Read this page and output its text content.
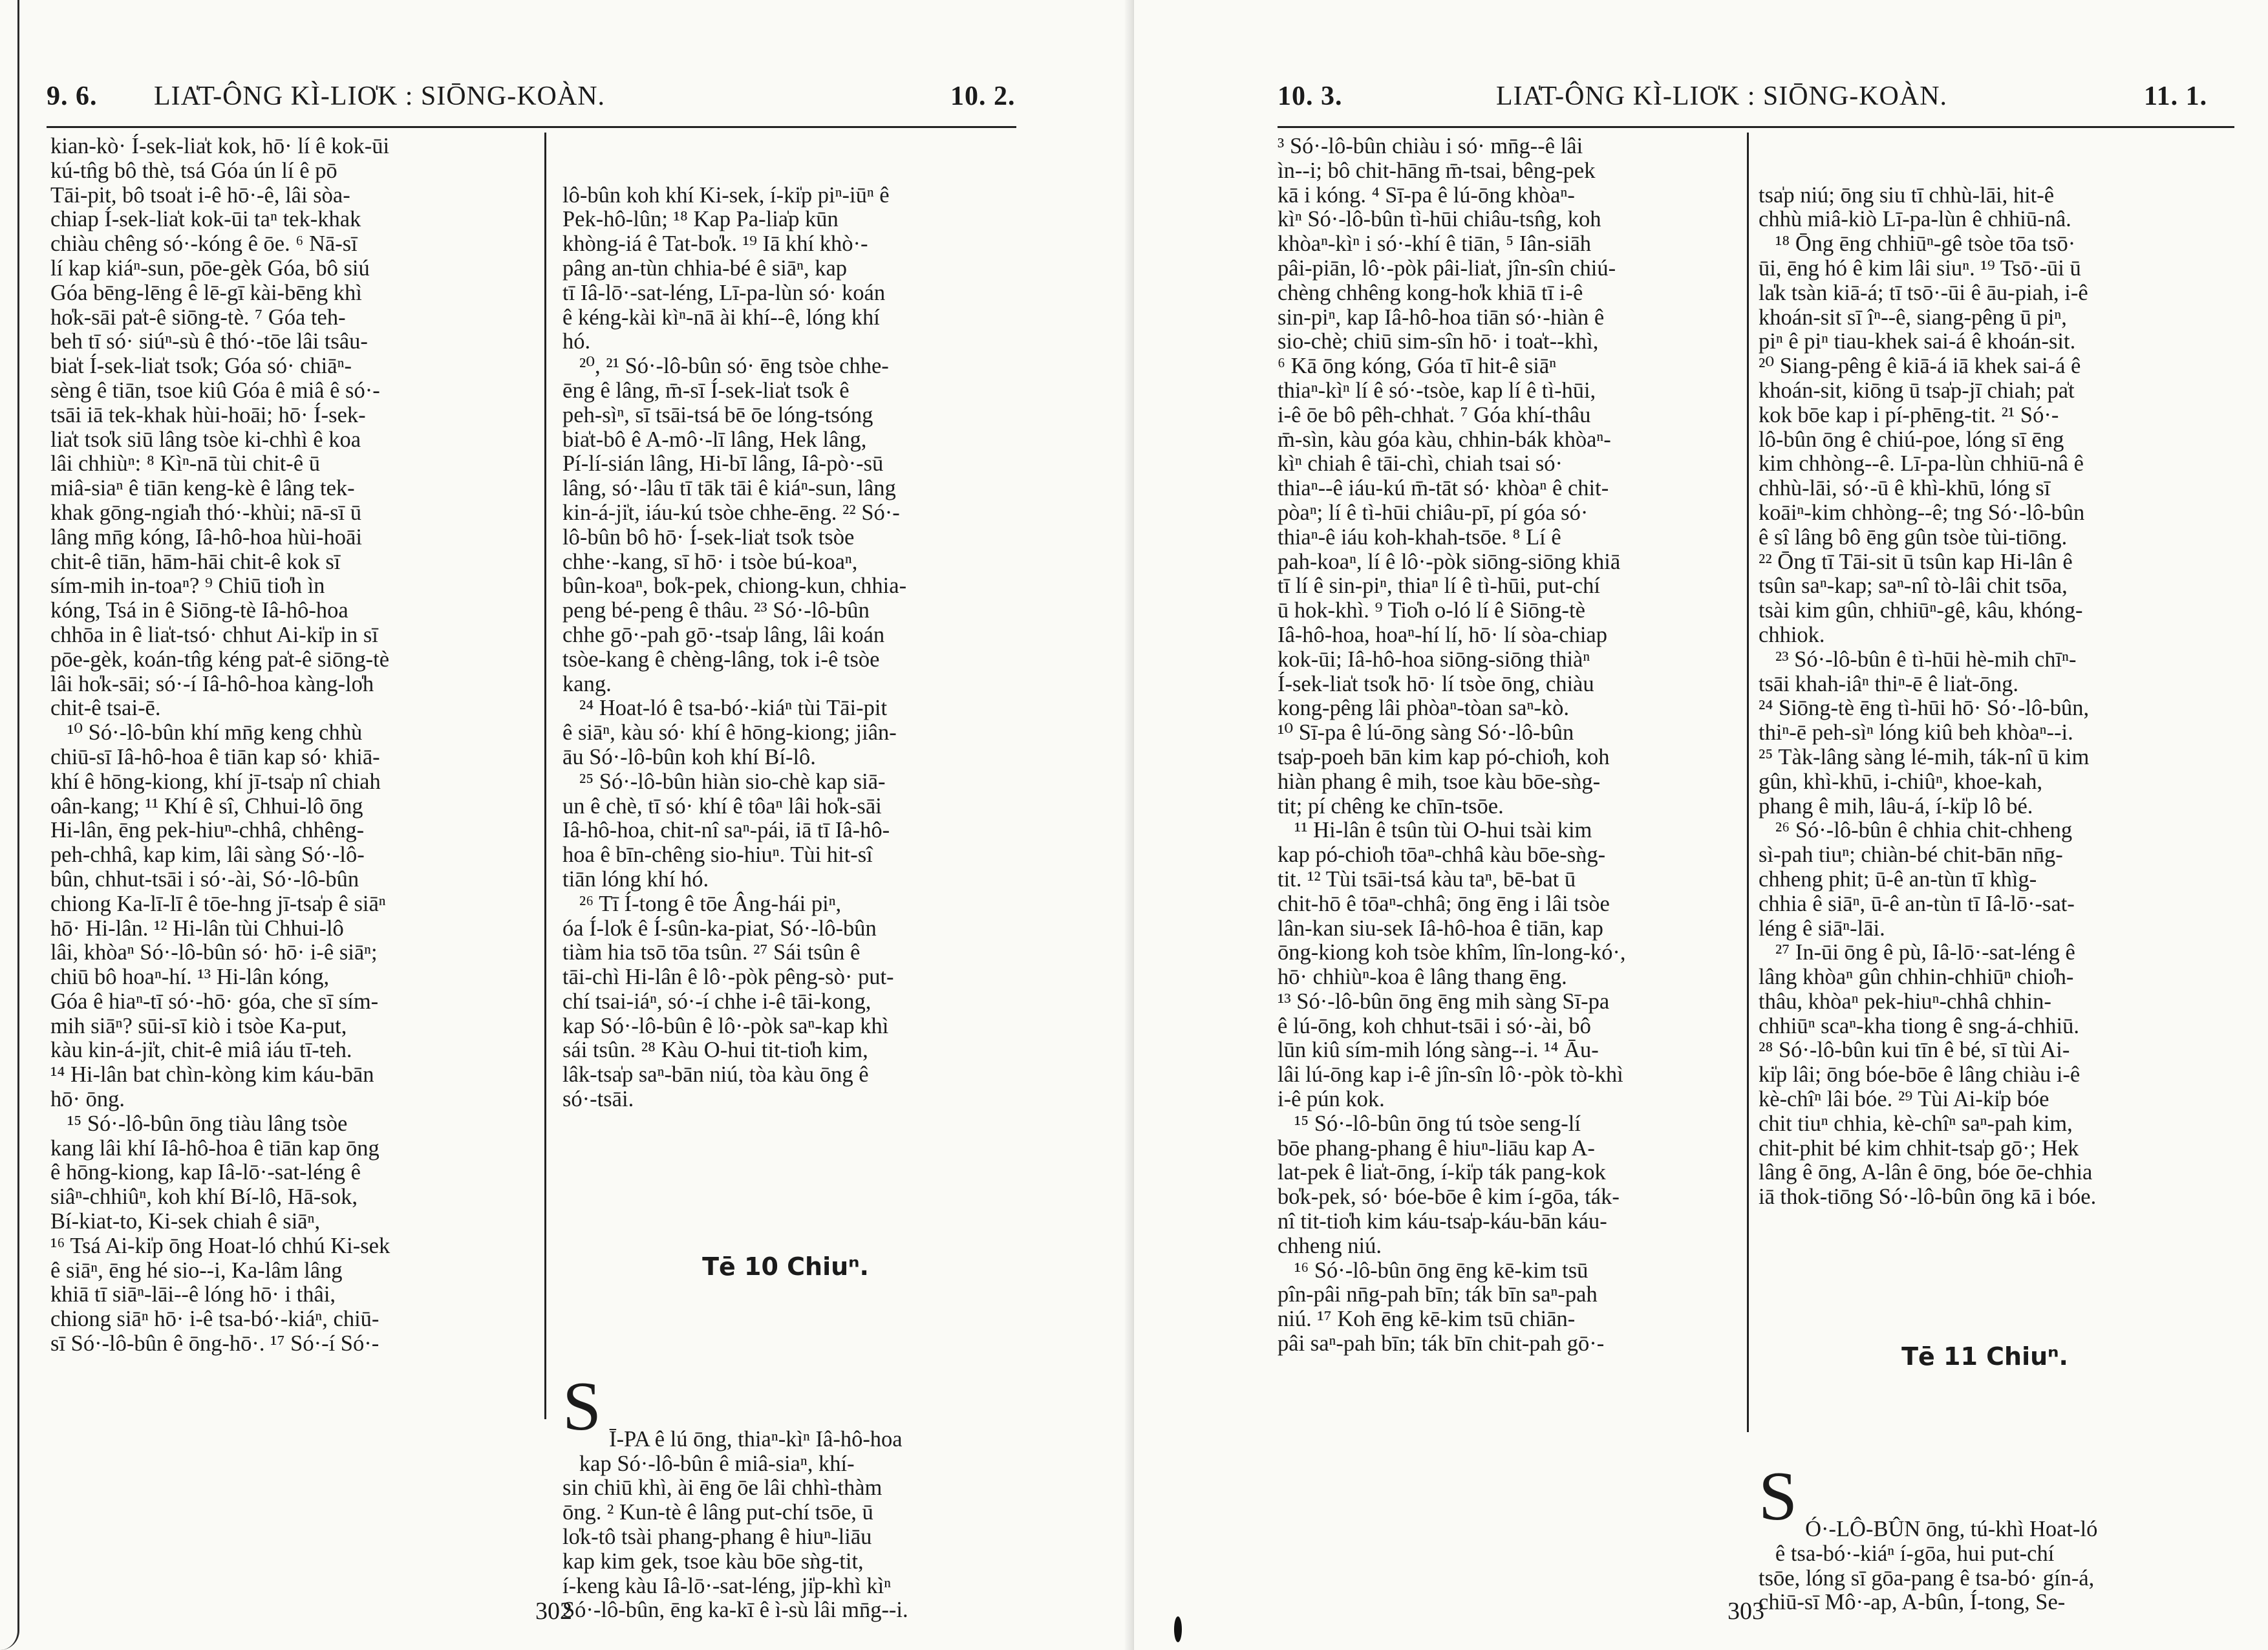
9. 6. LIA̍T-ÔNG KÌ-LIO̍K : SIŌNG-KOÀN.	10. 2.
kian-kò· Í-sek-lia̍t kok, hō· lí ê kok-ūi
kú-tn̂g bô thè, tsá Góa ún lí ê pō
Tāi-pit, bô tsoa̍t i-ê hō·-ê, lâi sòa-
chiap Í-sek-lia̍t kok-ūi taⁿ tek-khak
chiàu chêng só·-kóng ê ōe. ⁶ Nā-sī
lí kap kiáⁿ-sun, pōe-gèk Góa, bô siú
Góa bēng-lēng ê lē-gī kài-bēng khì
ho̍k-sāi pa̍t-ê siōng-tè. ⁷ Góa teh-
beh tī só· siúⁿ-sù ê thó·-tōe lâi tsâu-
bia̍t Í-sek-lia̍t tso̍k; Góa só· chiāⁿ-
sèng ê tiān, tsoe kiû Góa ê miâ ê só·-
tsāi iā tek-khak hùi-hoāi; hō· Í-sek-
lia̍t tso̍k siū lâng tsòe ki-chhì ê koa
lâi chhiùⁿ: ⁸ Kìⁿ-nā tùi chit-ê ū
miâ-siaⁿ ê tiān keng-kè ê lâng tek-
khak gōng-ngia̍h thó·-khùi; nā-sī ū
lâng mn̄g kóng, Iâ-hô-hoa hùi-hoāi
chit-ê tiān, hām-hāi chit-ê kok sī
sím-mih in-toaⁿ? ⁹ Chiū tio̍h ìn
kóng, Tsá in ê Siōng-tè Iâ-hô-hoa
chhōa in ê lia̍t-tsó· chhut Ai-ki̍p in sī
pōe-gèk, koán-tn̂g kéng pa̍t-ê siōng-tè
lâi ho̍k-sāi; só·-í Iâ-hô-hoa kàng-lo̍h
chit-ê tsai-ē.
¹⁰ Só·-lô-bûn khí mn̄g keng chhù
chiū-sī Iâ-hô-hoa ê tiān kap só· khiā-
khí ê hōng-kiong, khí jī-tsa̍p nî chiah
oân-kang; ¹¹ Khí ê sî, Chhui-lô ōng
Hi-lân, ēng pek-hiuⁿ-chhâ, chhêng-
peh-chhâ, kap kim, lâi sàng Só·-lô-
bûn, chhut-tsāi i só·-ài, Só·-lô-bûn
chiong Ka-lī-lī ê tōe-hng jī-tsa̍p ê siāⁿ
hō· Hi-lân. ¹² Hi-lân tùi Chhui-lô
lâi, khòaⁿ Só·-lô-bûn só· hō· i-ê siāⁿ;
chiū bô hoaⁿ-hí. ¹³ Hi-lân kóng,
Góa ê hiaⁿ-tī só·-hō· góa, che sī sím-
mih siāⁿ? sūi-sī kiò i tsòe Ka-put,
kàu kin-á-ji̍t, chit-ê miâ iáu tī-teh.
¹⁴ Hi-lân bat chìn-kòng kim káu-bān
hō· ōng.
¹⁵ Só·-lô-bûn ōng tiàu lâng tsòe
kang lâi khí Iâ-hô-hoa ê tiān kap ōng
ê hōng-kiong, kap Iâ-lō·-sat-léng ê
siâⁿ-chhiûⁿ, koh khí Bí-lô, Hā-sok,
Bí-kiat-to, Ki-sek chiah ê siāⁿ,
¹⁶ Tsá Ai-ki̍p ōng Hoat-ló chhú Ki-sek
ê siāⁿ, ēng hé sio--i, Ka-lâm lâng
khiā tī siāⁿ-lāi--ê lóng hō· i thâi,
chiong siāⁿ hō· i-ê tsa-bó·-kiáⁿ, chiū-
sī Só·-lô-bûn ê ōng-hō·. ¹⁷ Só·-í Só·-

lô-bûn koh khí Ki-sek, í-ki̍p piⁿ-iūⁿ ê
Pek-hô-lûn; ¹⁸ Kap Pa-lia̍p kūn
khòng-iá ê Tat-bo̍k. ¹⁹ Iā khí khò·-
pâng an-tùn chhia-bé ê siāⁿ, kap
tī Iâ-lō·-sat-léng, Lī-pa-lùn só· koán
ê kéng-kài kìⁿ-nā ài khí--ê, lóng khí
hó.
²⁰, ²¹ Só·-lô-bûn só· ēng tsòe chhe-
ēng ê lâng, m̄-sī Í-sek-lia̍t tso̍k ê
peh-sìⁿ, sī tsāi-tsá bē ōe lóng-tsóng
bia̍t-bô ê A-mô·-lī lâng, Hek lâng,
Pí-lí-sián lâng, Hi-bī lâng, Iâ-pò·-sū
lâng, só·-lâu tī tāk tāi ê kiáⁿ-sun, lâng
kin-á-ji̍t, iáu-kú tsòe chhe-ēng. ²² Só·-
lô-bûn bô hō· Í-sek-lia̍t tso̍k tsòe
chhe·-kang, sī hō· i tsòe bú-koaⁿ,
bûn-koaⁿ, bo̍k-pek, chiong-kun, chhia-
peng bé-peng ê thâu. ²³ Só·-lô-bûn
chhe gō·-pah gō·-tsa̍p lâng, lâi koán
tsòe-kang ê chèng-lâng, tok i-ê tsòe
kang.
²⁴ Hoat-ló ê tsa-bó·-kiáⁿ tùi Tāi-pit
ê siāⁿ, kàu só· khí ê hōng-kiong; jiân-
āu Só·-lô-bûn koh khí Bí-lô.
²⁵ Só·-lô-bûn hiàn sio-chè kap siā-
un ê chè, tī só· khí ê tôaⁿ lâi ho̍k-sāi
Iâ-hô-hoa, chit-nî saⁿ-pái, iā tī Iâ-hô-
hoa ê bīn-chêng sio-hiuⁿ. Tùi hit-sî
tiān lóng khí hó.
²⁶ Tī Í-tong ê tōe Âng-hái piⁿ,
óa Í-lo̍k ê Í-sûn-ka-piat, Só·-lô-bûn
tiàm hia tsō tōa tsûn. ²⁷ Sái tsûn ê
tāi-chì Hi-lân ê lô·-pòk pêng-sò· put-
chí tsai-iáⁿ, só·-í chhe i-ê tāi-kong,
kap Só·-lô-bûn ê lô·-pòk saⁿ-kap khì
sái tsûn. ²⁸ Kàu O-hui tit-tio̍h kim,
lâk-tsa̍p saⁿ-bān niú, tòa kàu ōng ê
só·-tsāi.

Tē 10 Chiuⁿ.

S

Ī-PA ê lú ōng, thiaⁿ-kìⁿ Iâ-hô-hoa
kap Só·-lô-bûn ê miâ-siaⁿ, khí-
sin chiū khì, ài ēng ōe lâi chhì-thàm
ōng. ² Kun-tè ê lâng put-chí tsōe, ū
lo̍k-tô tsài phang-phang ê hiuⁿ-liāu
kap kim gek, tsoe kàu bōe sǹg-tit,
í-keng kàu Iâ-lō·-sat-léng, ji̍p-khì kìⁿ
Só·-lô-bûn, ēng ka-kī ê ì-sù lâi mn̄g--i.

302
10. 3.	LIA̍T-ÔNG KÌ-LIO̍K : SIŌNG-KOÀN.	11. 1.
³ Só·-lô-bûn chiàu i só· mn̄g--ê lâi
ìn--i; bô chit-hāng m̄-tsai, bêng-pek
kā i kóng. ⁴ Sī-pa ê lú-ōng khòaⁿ-
kìⁿ Só·-lô-bûn tì-hūi chiâu-tsn̂g, koh
khòaⁿ-kìⁿ i só·-khí ê tiān, ⁵ Iân-siāh
pâi-piān, lô·-pòk pâi-lia̍t, jîn-sîn chiú-
chèng chhêng kong-ho̍k khiā tī i-ê
sin-piⁿ, kap Iâ-hô-hoa tiān só·-hiàn ê
sio-chè; chiū sim-sîn hō· i toa̍t--khì,
⁶ Kā ōng kóng, Góa tī hit-ê siāⁿ
thiaⁿ-kìⁿ lí ê só·-tsòe, kap lí ê tì-hūi,
i-ê ōe bô pêh-chha̍t. ⁷ Góa khí-thâu
m̄-sìn, kàu góa kàu, chhin-bák khòaⁿ-
kìⁿ chiah ê tāi-chì, chiah tsai só·
thiaⁿ--ê iáu-kú m̄-tāt só· khòaⁿ ê chit-
pòaⁿ; lí ê tì-hūi chiâu-pī, pí góa só·
thiaⁿ-ê iáu koh-khah-tsōe. ⁸ Lí ê
pah-koaⁿ, lí ê lô·-pòk siōng-siōng khiā
tī lí ê sin-piⁿ, thiaⁿ lí ê tì-hūi, put-chí
ū hok-khì. ⁹ Tio̍h o-ló lí ê Siōng-tè
Iâ-hô-hoa, hoaⁿ-hí lí, hō· lí sòa-chiap
kok-ūi; Iâ-hô-hoa siōng-siōng thiàⁿ
Í-sek-lia̍t tso̍k hō· lí tsòe ōng, chiàu
kong-pêng lâi phòaⁿ-tòan saⁿ-kò.
¹⁰ Sī-pa ê lú-ōng sàng Só·-lô-bûn
tsa̍p-poeh bān kim kap pó-chio̍h, koh
hiàn phang ê mih, tsoe kàu bōe-sǹg-
tit; pí chêng ke chīn-tsōe.
¹¹ Hi-lân ê tsûn tùi O-hui tsài kim
kap pó-chio̍h tōaⁿ-chhâ kàu bōe-sǹg-
tit. ¹² Tùi tsāi-tsá kàu taⁿ, bē-bat ū
chit-hō ê tōaⁿ-chhâ; ōng ēng i lâi tsòe
lân-kan siu-sek Iâ-hô-hoa ê tiān, kap
ōng-kiong koh tsòe khîm, lîn-long-kó·,
hō· chhiùⁿ-koa ê lâng thang ēng.
¹³ Só·-lô-bûn ōng ēng mih sàng Sī-pa
ê lú-ōng, koh chhut-tsāi i só·-ài, bô
lūn kiû sím-mih lóng sàng--i. ¹⁴ Āu-
lâi lú-ōng kap i-ê jîn-sîn lô·-pòk tò-khì
i-ê pún kok.
¹⁵ Só·-lô-bûn ōng tú tsòe seng-lí
bōe phang-phang ê hiuⁿ-liāu kap A-
lat-pek ê lia̍t-ōng, í-ki̍p ták pang-kok
bo̍k-pek, só· bóe-bōe ê kim í-gōa, ták-
nî tit-tio̍h kim káu-tsa̍p-káu-bān káu-
chheng niú.
¹⁶ Só·-lô-bûn ōng ēng kē-kim tsū
pîn-pâi nn̄g-pah bīn; ták bīn saⁿ-pah
niú. ¹⁷ Koh ēng kē-kim tsū chiān-
pâi saⁿ-pah bīn; ták bīn chit-pah gō·-

tsa̍p niú; ōng siu tī chhù-lāi, hit-ê
chhù miâ-kiò Lī-pa-lùn ê chhiū-nâ.
¹⁸ Ōng ēng chhiūⁿ-gê tsòe tōa tsō·
ūi, ēng hó ê kim lâi siuⁿ. ¹⁹ Tsō·-ūi ū
la̍k tsàn kiā-á; tī tsō·-ūi ê āu-piah, i-ê
khoán-sit sī îⁿ--ê, siang-pêng ū piⁿ,
piⁿ ê piⁿ tiau-khek sai-á ê khoán-sit.
²⁰ Siang-pêng ê kiā-á iā khek sai-á ê
khoán-sit, kiōng ū tsa̍p-jī chiah; pa̍t
kok bōe kap i pí-phēng-tit. ²¹ Só·-
lô-bûn ōng ê chiú-poe, lóng sī ēng
kim chhòng--ê. Lī-pa-lùn chhiū-nâ ê
chhù-lāi, só·-ū ê khì-khū, lóng sī
koāiⁿ-kim chhòng--ê; tng Só·-lô-bûn
ê sî lâng bô ēng gûn tsòe tùi-tiōng.
²² Ōng tī Tāi-sit ū tsûn kap Hi-lân ê
tsûn saⁿ-kap; saⁿ-nî tò-lâi chit tsōa,
tsài kim gûn, chhiūⁿ-gê, kâu, khóng-
chhiok.
²³ Só·-lô-bûn ê tì-hūi hè-mih chīⁿ-
tsāi khah-iâⁿ thiⁿ-ē ê lia̍t-ōng.
²⁴ Siōng-tè ēng tì-hūi hō· Só·-lô-bûn,
thiⁿ-ē peh-sìⁿ lóng kiû beh khòaⁿ--i.
²⁵ Tàk-lâng sàng lé-mih, ták-nî ū kim
gûn, khì-khū, i-chiûⁿ, khoe-kah,
phang ê mih, lâu-á, í-ki̍p lô bé.
²⁶ Só·-lô-bûn ê chhia chit-chheng
sì-pah tiuⁿ; chiàn-bé chit-bān nn̄g-
chheng phit; ū-ê an-tùn tī khìg-
chhia ê siāⁿ, ū-ê an-tùn tī Iâ-lō·-sat-
léng ê siāⁿ-lāi.
²⁷ In-ūi ōng ê pù, Iâ-lō·-sat-léng ê
lâng khòaⁿ gûn chhin-chhiūⁿ chio̍h-
thâu, khòaⁿ pek-hiuⁿ-chhâ chhin-
chhiūⁿ scaⁿ-kha tiong ê sng-á-chhiū.
²⁸ Só·-lô-bûn kui tīn ê bé, sī tùi Ai-
ki̍p lâi; ōng bóe-bōe ê lâng chiàu i-ê
kè-chîⁿ lâi bóe. ²⁹ Tùi Ai-ki̍p bóe
chit tiuⁿ chhia, kè-chîⁿ saⁿ-pah kim,
chit-phit bé kim chhit-tsa̍p gō·; Hek
lâng ê ōng, A-lân ê ōng, bóe ōe-chhia
iā thok-tiōng Só·-lô-bûn ōng kā i bóe.

Tē 11 Chiuⁿ.

S

Ó·-LÔ-BÛN ōng, tú-khì Hoat-ló
ê tsa-bó·-kiáⁿ í-gōa, hui put-chí
tsōe, lóng sī gōa-pang ê tsa-bó· gín-á,
chiū-sī Mô·-ap, A-bûn, Í-tong, Se-

303
